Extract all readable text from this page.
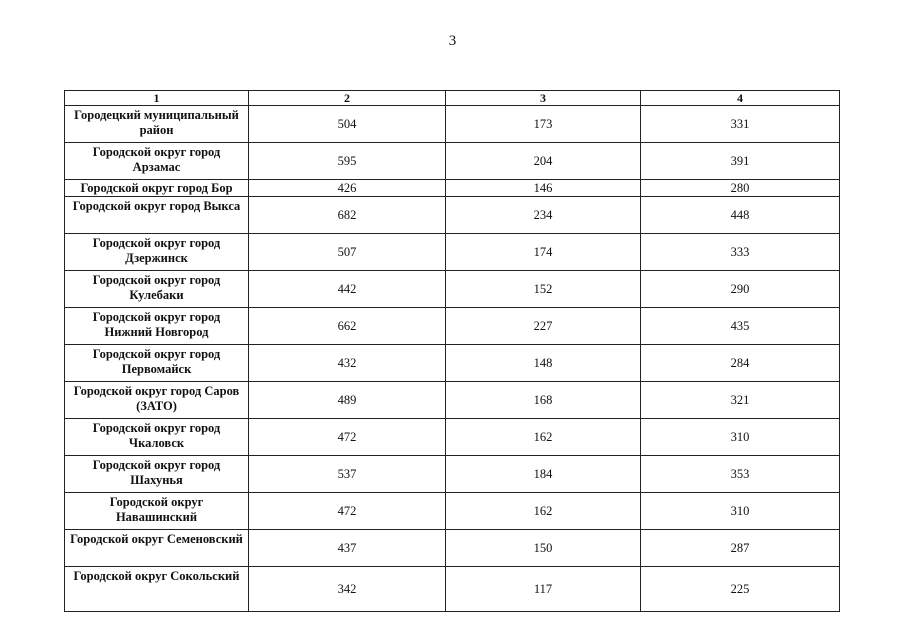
3
1	2	3	4
Городецкий муниципальный район	504	173	331
Городской округ город Арзамас	595	204	391
Городской округ город Бор	426	146	280
Городской округ город Выкса	682	234	448
Городской округ город Дзержинск	507	174	333
Городской округ город Кулебаки	442	152	290
Городской округ город Нижний Новгород	662	227	435
Городской округ город Первомайск	432	148	284
Городской округ город Саров (ЗАТО)	489	168	321
Городской округ город Чкаловск	472	162	310
Городской округ город Шахунья	537	184	353
Городской округ Навашинский	472	162	310
Городской округ Семеновский	437	150	287
Городской округ Сокольский	342	117	225
